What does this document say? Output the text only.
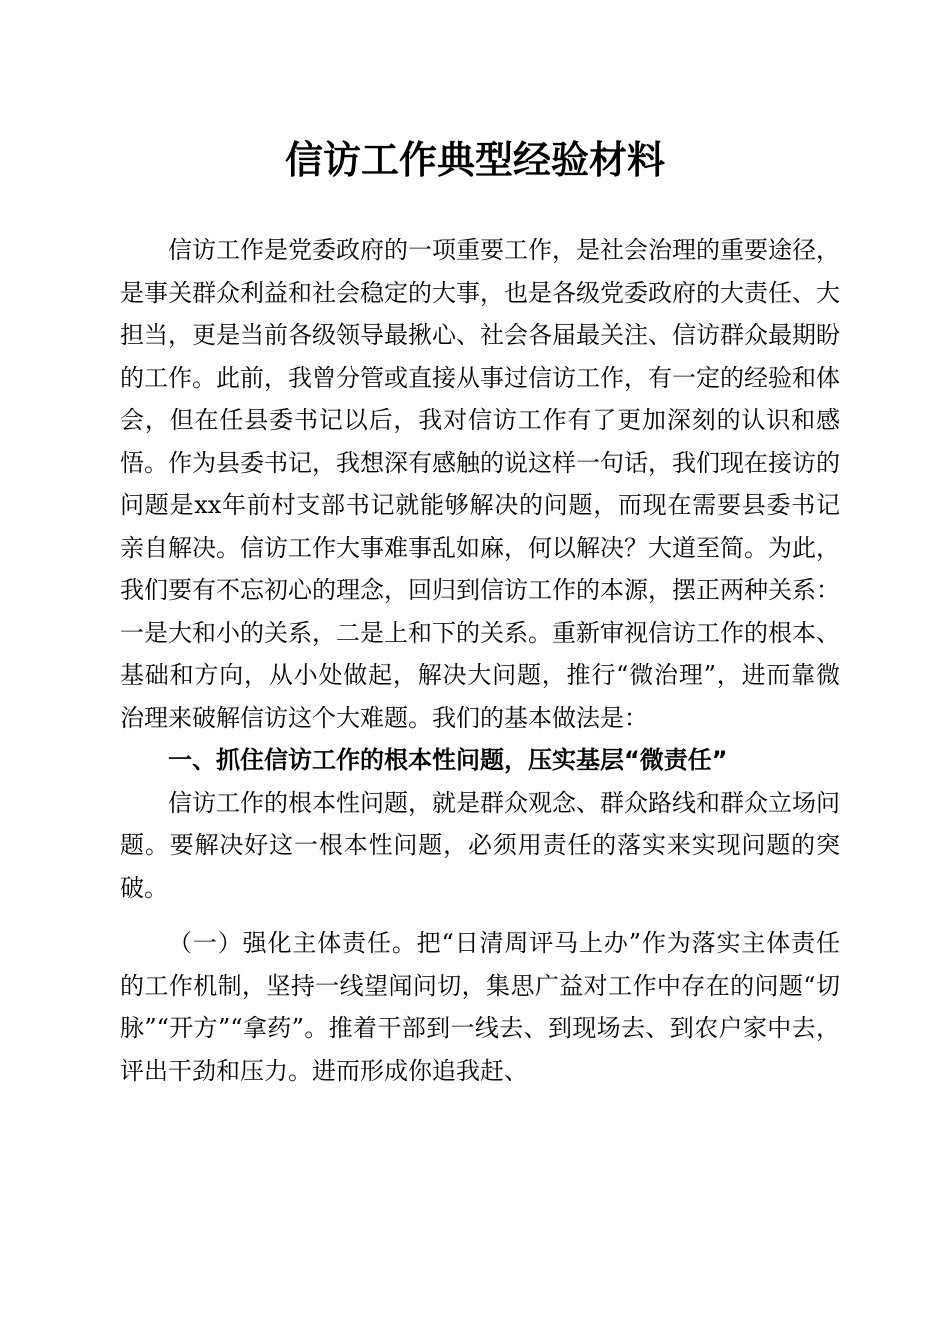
信访工作典型经验材料

信访工作是党委政府的一项重要工作，是社会治理的重要途径，是事关群众利益和社会稳定的大事，也是各级党委政府的大责任、大担当，更是当前各级领导最揪心、社会各届最关注、信访群众最期盼的工作。此前，我曾分管或直接从事过信访工作，有一定的经验和体会，但在任县委书记以后，我对信访工作有了更加深刻的认识和感悟。作为县委书记，我想深有感触的说这样一句话，我们现在接访的问题是xx年前村支部书记就能够解决的问题，而现在需要县委书记亲自解决。信访工作大事难事乱如麻，何以解决？大道至简。为此，我们要有不忘初心的理念，回归到信访工作的本源，摆正两种关系：一是大和小的关系，二是上和下的关系。重新审视信访工作的根本、基础和方向，从小处做起，解决大问题，推行“微治理”，进而靠微治理来破解信访这个大难题。我们的基本做法是：

一、抓住信访工作的根本性问题，压实基层“微责任”

信访工作的根本性问题，就是群众观念、群众路线和群众立场问题。要解决好这一根本性问题，必须用责任的落实来实现问题的突破。

（一）强化主体责任。把“日清周评马上办”作为落实主体责任的工作机制，坚持一线望闻问切，集思广益对工作中存在的问题“切脉”“开方”“拿药”。推着干部到一线去、到现场去、到农户家中去，评出干劲和压力。进而形成你追我赶、
